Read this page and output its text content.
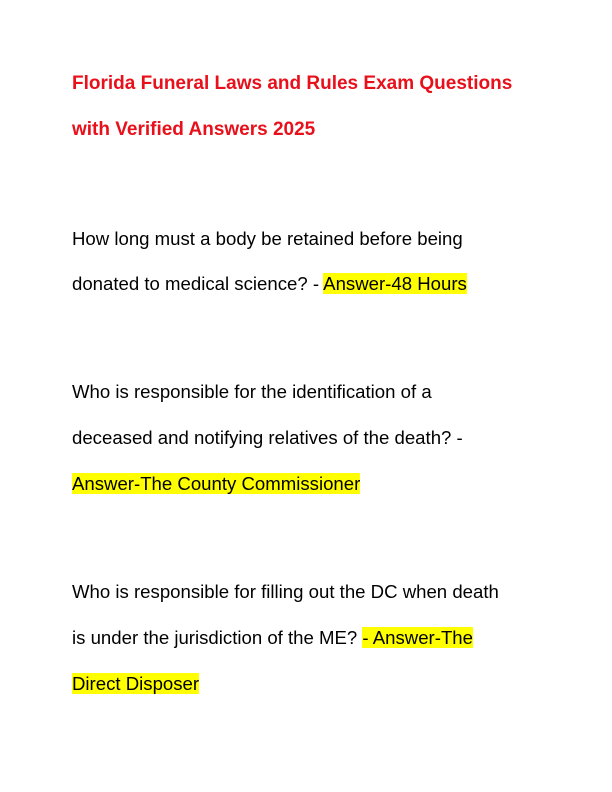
Florida Funeral Laws and Rules Exam Questions
with Verified Answers 2025
How long must a body be retained before being
donated to medical science? - Answer-48 Hours
Who is responsible for the identification of a
deceased and notifying relatives of the death? -
Answer-The County Commissioner
Who is responsible for filling out the DC when death
is under the jurisdiction of the ME? - Answer-The
Direct Disposer
